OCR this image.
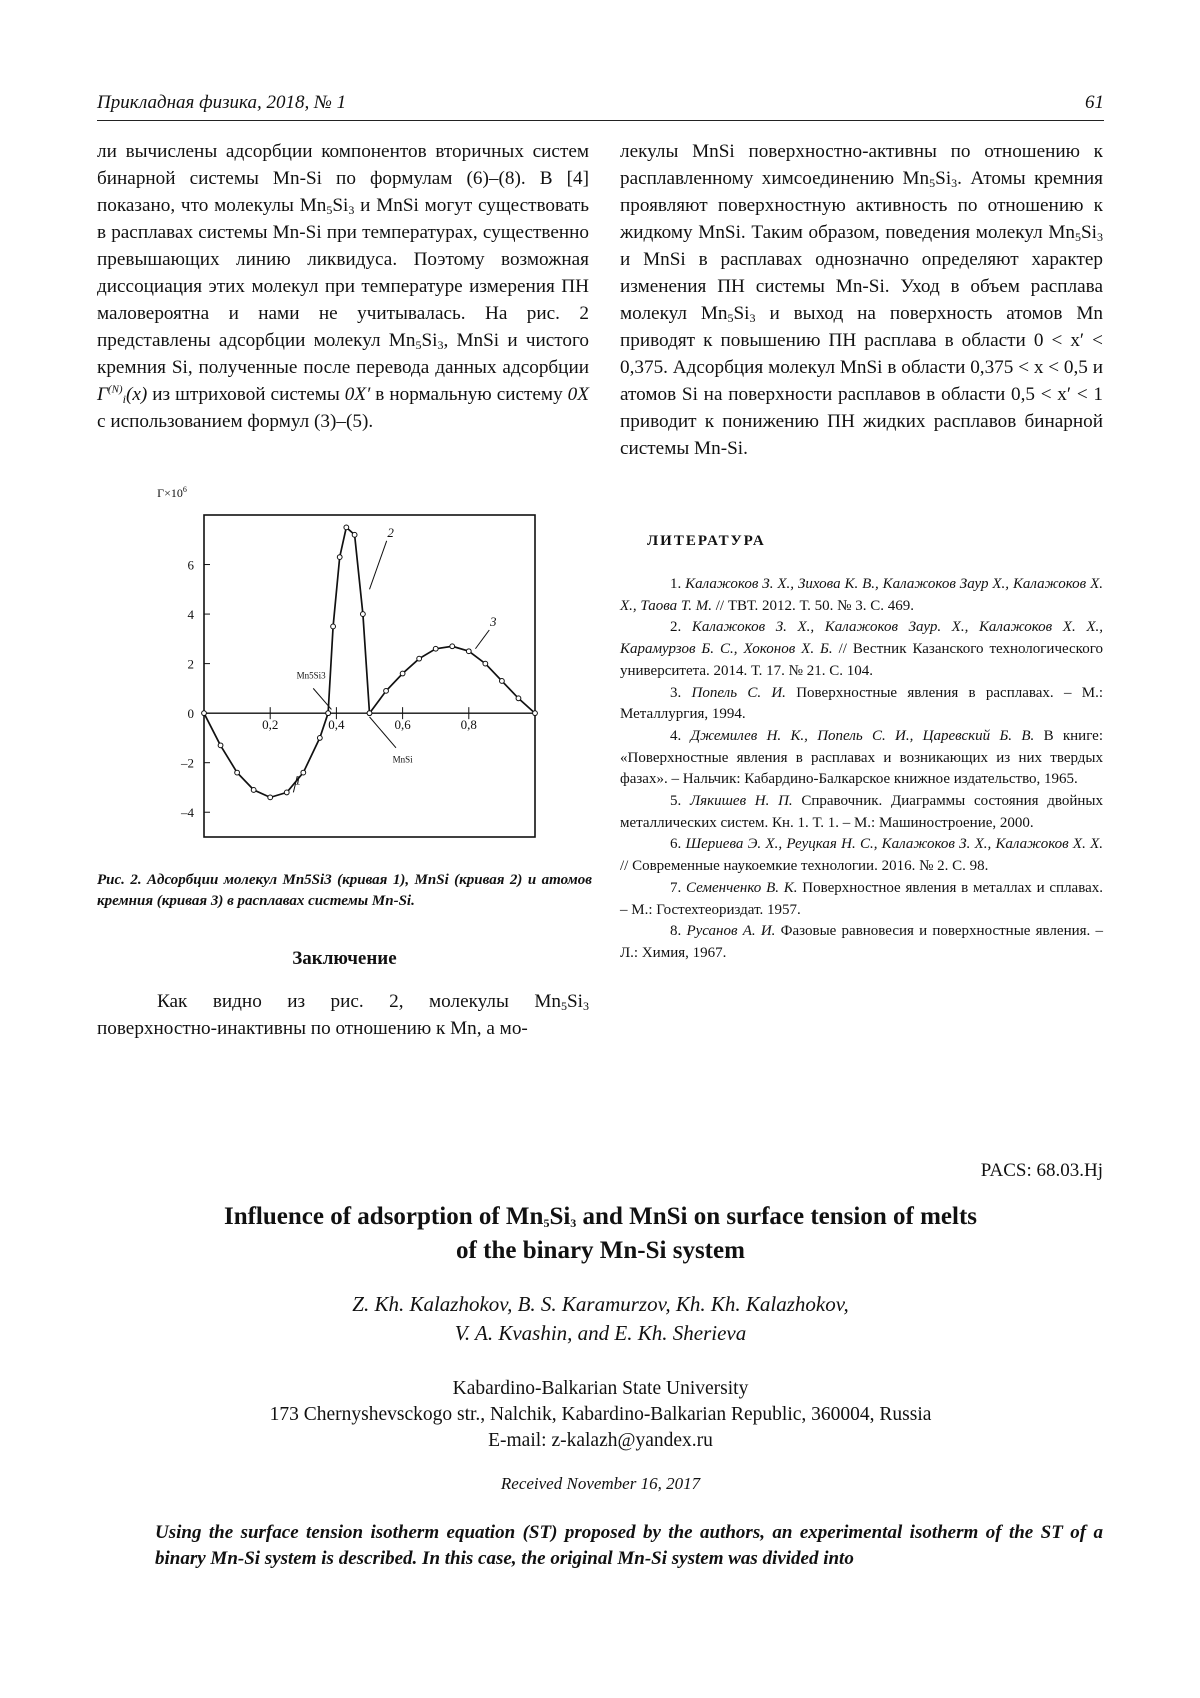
Прикладная физика, 2018, № 1	61

ли вычислены адсорбции компонентов вторичных систем бинарной системы Mn-Si по формулам (6)–(8). В [4] показано, что молекулы $Mn_5Si_3$ и MnSi могут существовать в расплавах системы Mn-Si при температурах, существенно превышающих линию ликвидуса. Поэтому возможная диссоциация этих молекул при температуре измерения ПН маловероятна и нами не учитывалась. На рис. 2 представлены адсорбции молекул $Mn_5Si_3$, MnSi и чистого кремния Si, полученные после перевода данных адсорбции $\Gamma^{(N)}_i(x)$ из штриховой системы 0X′ в нормальную систему 0X с использованием формул (3)–(5).

лекулы MnSi поверхностно-активны по отношению к расплавленному химсоединению $Mn_5Si_3$. Атомы кремния проявляют поверхностную активность по отношению к жидкому MnSi. Таким образом, поведения молекул $Mn_5Si_3$ и MnSi в расплавах однозначно определяют характер изменения ПН системы Mn-Si. Уход в объем расплава молекул $Mn_5Si_3$ и выход на поверхность атомов Mn приводят к повышению ПН расплава в области 0 < x′ < 0,375. Адсорбция молекул MnSi в области 0,375 < x < 0,5 и атомов Si на поверхности расплавов в области 0,5 < x′ < 1 приводит к понижению ПН жидких расплавов бинарной системы Mn-Si.

0,2	0,4	0,6	0,8
6
4
2
0
–2
–4
$\Gamma\times 10^6$
1
2
3
Mn5Si3
MnSi
Рис. 2. Адсорбции молекул Mn5Si3 (кривая 1), MnSi (кривая 2) и атомов кремния (кривая 3) в расплавах системы Mn-Si.
Заключение

Как видно из рис. 2, молекулы $Mn_5Si_3$ поверхностно-инактивны по отношению к Mn, а мо-

ЛИТЕРАТУРА

1. Калажоков З. Х., Зихова К. В., Калажоков Заур Х., Калажоков Х. Х., Таова Т. М. // ТВТ. 2012. Т. 50. № 3. С. 469.

2. Калажоков З. Х., Калажоков Заур. Х., Калажоков Х. Х., Карамурзов Б. С., Хоконов Х. Б. // Вестник Казанского технологического университета. 2014. Т. 17. № 21. С. 104.

3. Попель С. И. Поверхностные явления в расплавах. – М.: Металлургия, 1994.

4. Джемилев Н. К., Попель С. И., Царевский Б. В. В книге: «Поверхностные явления в расплавах и возникающих из них твердых фазах». – Нальчик: Кабардино-Балкарское книжное издательство, 1965.

5. Лякишев Н. П. Справочник. Диаграммы состояния двойных металлических систем. Кн. 1. Т. 1. – М.: Машиностроение, 2000.

6. Шериева Э. Х., Реуцкая Н. С., Калажоков З. Х., Калажоков Х. Х. // Современные наукоемкие технологии. 2016. № 2. С. 98.

7. Семенченко В. К. Поверхностное явления в металлах и сплавах. – М.: Гостехтеориздат. 1957.

8. Русанов А. И. Фазовые равновесия и поверхностные явления. – Л.: Химия, 1967.

PACS: 68.03.Hj
Influence of adsorption of $Mn_5Si_3$ and MnSi on surface tension of melts
of the binary Mn-Si system
Z. Kh. Kalazhokov, B. S. Karamurzov, Kh. Kh. Kalazhokov,
V. A. Kvashin, and E. Kh. Sherieva
Kabardino-Balkarian State University
173 Chernyshevsckogo str., Nalchik, Kabardino-Balkarian Republic, 360004, Russia
E-mail: z-kalazh@yandex.ru
Received November 16, 2017
Using the surface tension isotherm equation (ST) proposed by the authors, an experimental isotherm of the ST of a binary Mn-Si system is described. In this case, the original Mn-Si system was divided into
